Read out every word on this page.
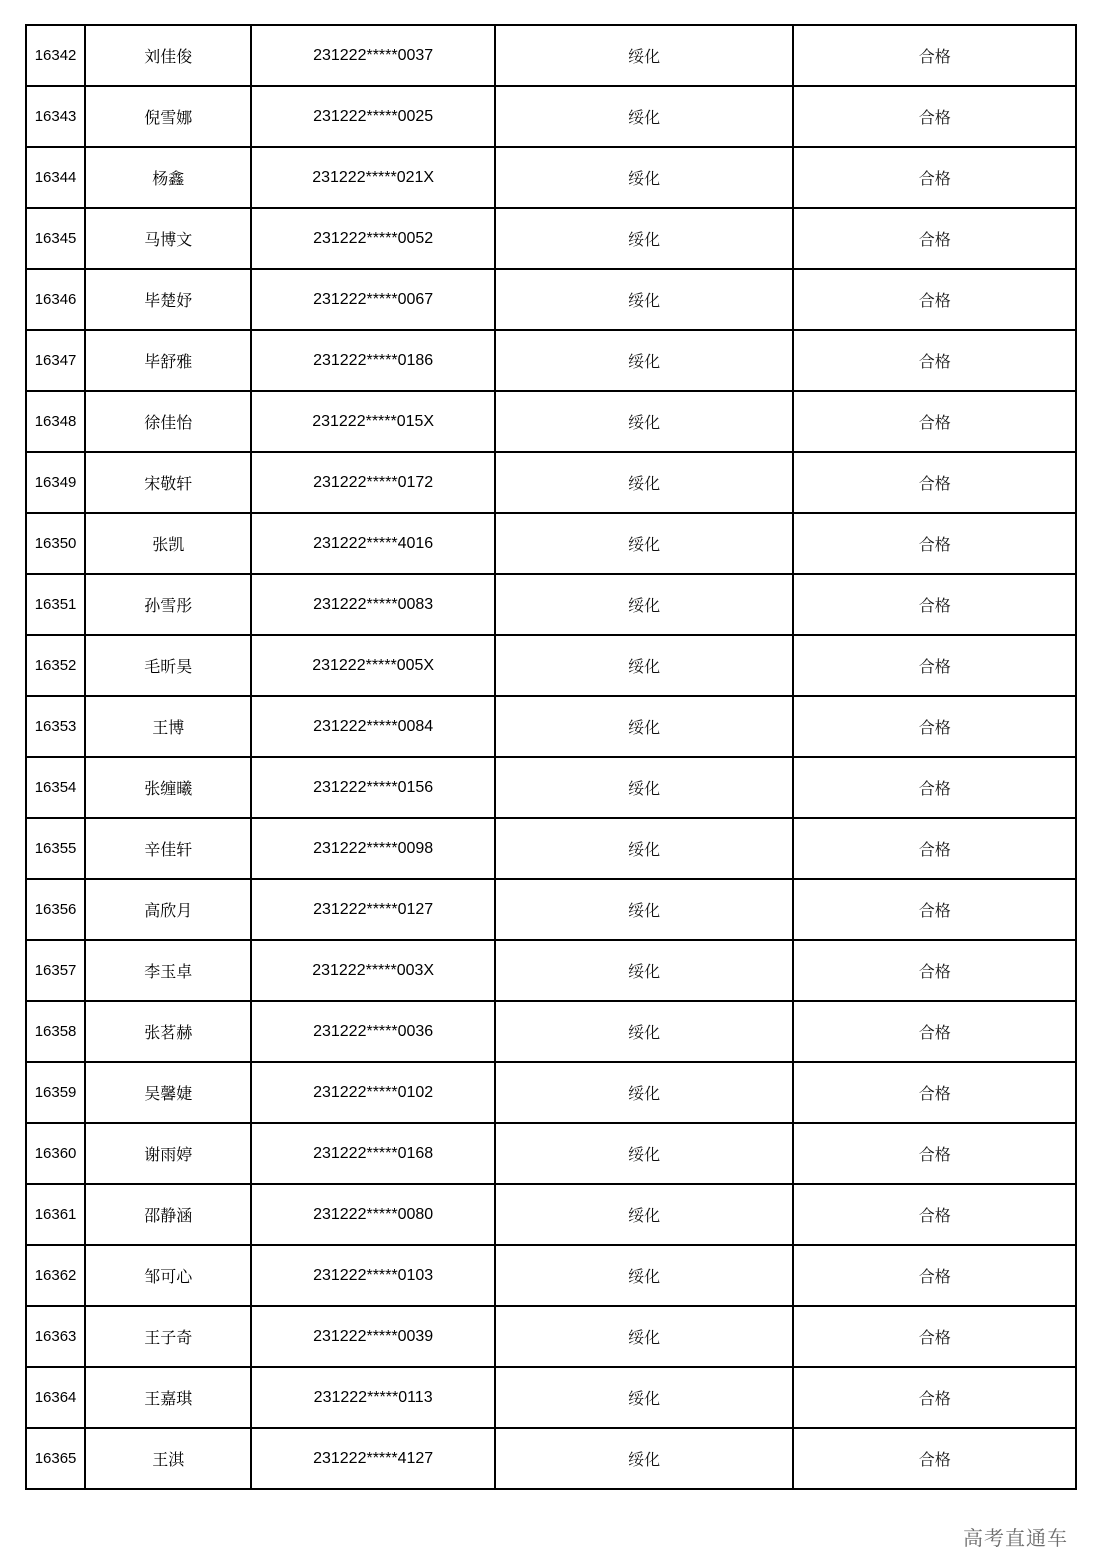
16342	刘佳俊	231222*****0037	绥化	合格
16343	倪雪娜	231222*****0025	绥化	合格
16344	杨鑫	231222*****021X	绥化	合格
16345	马博文	231222*****0052	绥化	合格
16346	毕楚妤	231222*****0067	绥化	合格
16347	毕舒雅	231222*****0186	绥化	合格
16348	徐佳怡	231222*****015X	绥化	合格
16349	宋敬轩	231222*****0172	绥化	合格
16350	张凯	231222*****4016	绥化	合格
16351	孙雪彤	231222*****0083	绥化	合格
16352	毛昕昊	231222*****005X	绥化	合格
16353	王博	231222*****0084	绥化	合格
16354	张缠曦	231222*****0156	绥化	合格
16355	辛佳轩	231222*****0098	绥化	合格
16356	高欣月	231222*****0127	绥化	合格
16357	李玉卓	231222*****003X	绥化	合格
16358	张茗赫	231222*****0036	绥化	合格
16359	吴馨婕	231222*****0102	绥化	合格
16360	谢雨婷	231222*****0168	绥化	合格
16361	邵静涵	231222*****0080	绥化	合格
16362	邹可心	231222*****0103	绥化	合格
16363	王子奇	231222*****0039	绥化	合格
16364	王嘉琪	231222*****0113	绥化	合格
16365	王淇	231222*****4127	绥化	合格
高考直通车
